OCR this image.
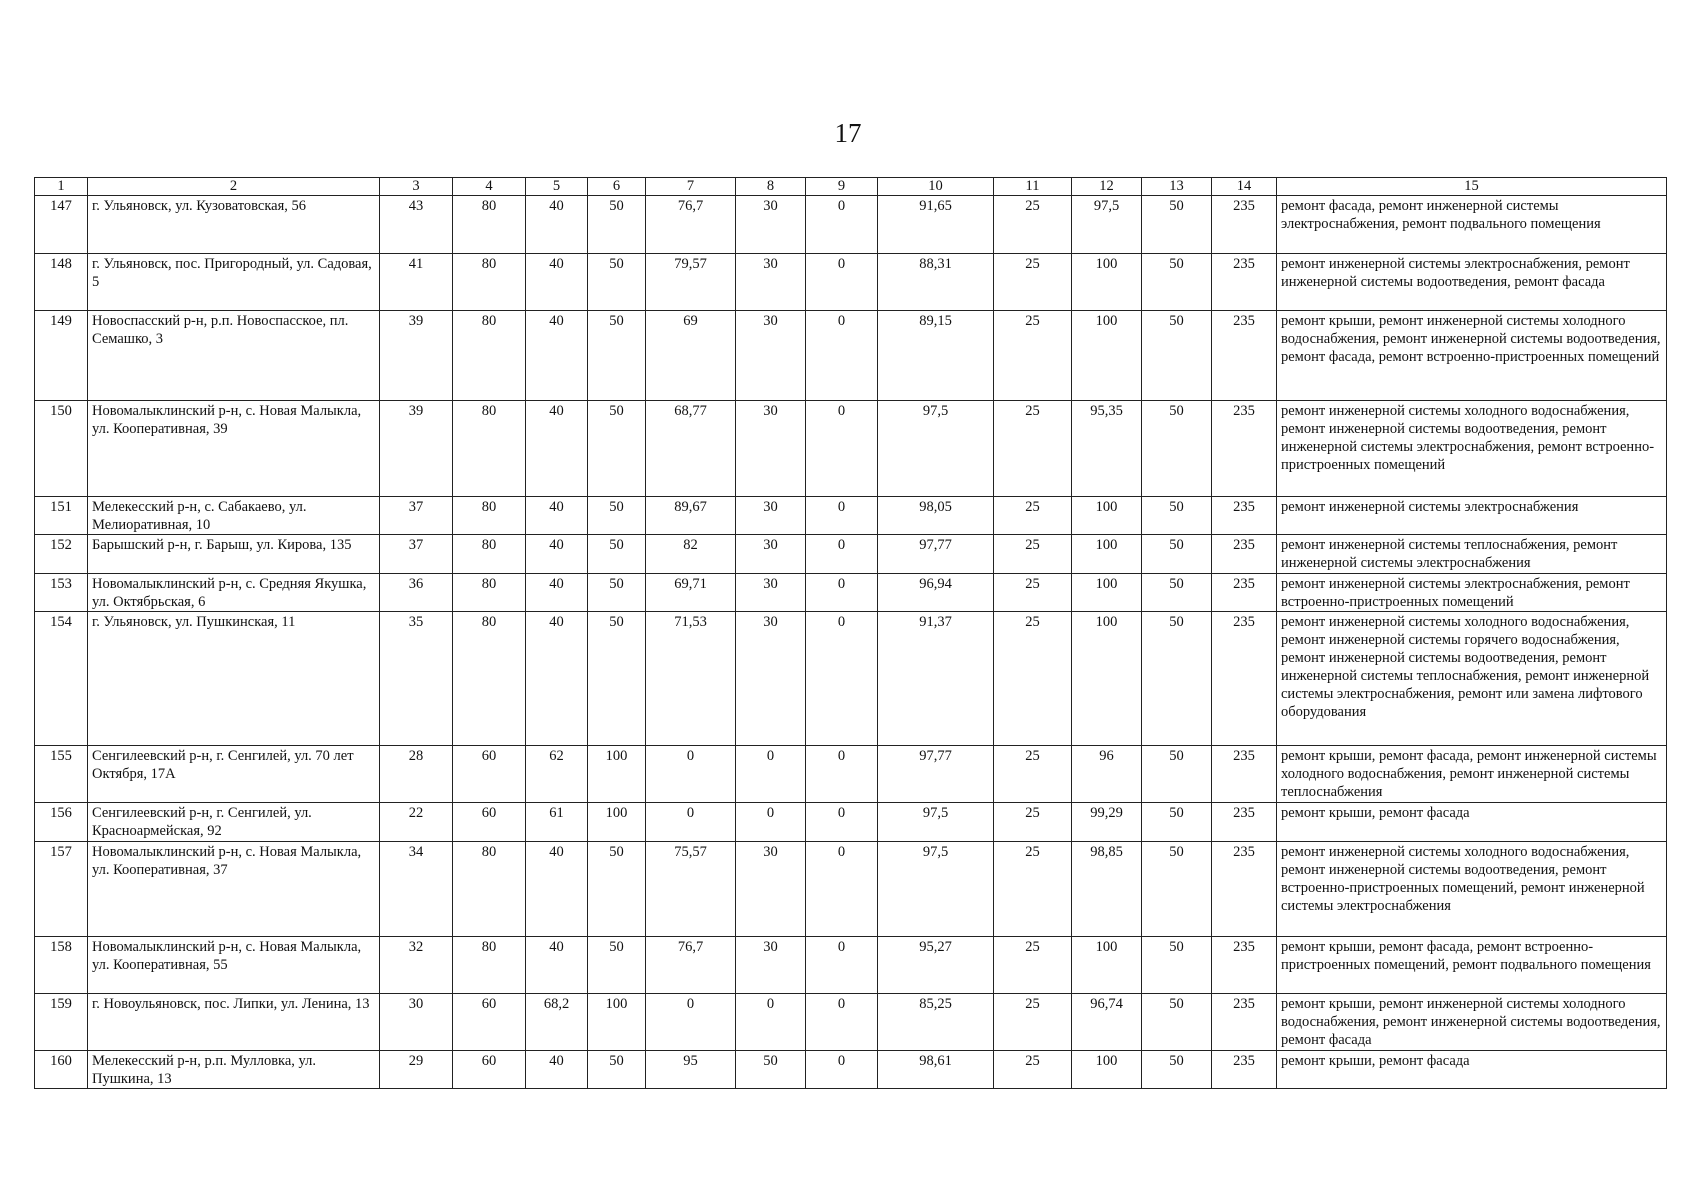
17
1	2	3	4	5	6	7	8	9	10	11	12	13	14	15
147	г. Ульяновск, ул. Кузоватовская, 56	43	80	40	50	76,7	30	0	91,65	25	97,5	50	235	ремонт фасада, ремонт инженерной системы электроснабжения, ремонт подвального помещения
148	г. Ульяновск, пос. Пригородный, ул. Садовая, 5	41	80	40	50	79,57	30	0	88,31	25	100	50	235	ремонт инженерной системы электроснабжения, ремонт инженерной системы водоотведения, ремонт фасада
149	Новоспасский р-н, р.п. Новоспасское, пл. Семашко, 3	39	80	40	50	69	30	0	89,15	25	100	50	235	ремонт крыши, ремонт инженерной системы холодного водоснабжения, ремонт инженерной системы водоотведения, ремонт фасада, ремонт встроенно-пристроенных помещений
150	Новомалыклинский р-н, с. Новая Малыкла, ул. Кооперативная, 39	39	80	40	50	68,77	30	0	97,5	25	95,35	50	235	ремонт инженерной системы холодного водоснабжения, ремонт инженерной системы водоотведения, ремонт инженерной системы электроснабжения, ремонт встроенно-пристроенных помещений
151	Мелекесский р-н, с. Сабакаево, ул. Мелиоративная, 10	37	80	40	50	89,67	30	0	98,05	25	100	50	235	ремонт инженерной системы электроснабжения
152	Барышский р-н, г. Барыш, ул. Кирова, 135	37	80	40	50	82	30	0	97,77	25	100	50	235	ремонт инженерной системы теплоснабжения, ремонт инженерной системы электроснабжения
153	Новомалыклинский р-н, с. Средняя Якушка, ул. Октябрьская, 6	36	80	40	50	69,71	30	0	96,94	25	100	50	235	ремонт инженерной системы электроснабжения, ремонт встроенно-пристроенных помещений
154	г. Ульяновск, ул. Пушкинская, 11	35	80	40	50	71,53	30	0	91,37	25	100	50	235	ремонт инженерной системы холодного водоснабжения, ремонт инженерной системы горячего водоснабжения, ремонт инженерной системы водоотведения, ремонт инженерной системы теплоснабжения, ремонт инженерной системы электроснабжения, ремонт или замена лифтового оборудования
155	Сенгилеевский р-н, г. Сенгилей, ул. 70 лет Октября, 17А	28	60	62	100	0	0	0	97,77	25	96	50	235	ремонт крыши, ремонт фасада, ремонт инженерной системы холодного водоснабжения, ремонт инженерной системы теплоснабжения
156	Сенгилеевский р-н, г. Сенгилей, ул. Красноармейская, 92	22	60	61	100	0	0	0	97,5	25	99,29	50	235	ремонт крыши, ремонт фасада
157	Новомалыклинский р-н, с. Новая Малыкла, ул. Кооперативная, 37	34	80	40	50	75,57	30	0	97,5	25	98,85	50	235	ремонт инженерной системы холодного водоснабжения, ремонт инженерной системы водоотведения, ремонт встроенно-пристроенных помещений, ремонт инженерной системы электроснабжения
158	Новомалыклинский р-н, с. Новая Малыкла, ул. Кооперативная, 55	32	80	40	50	76,7	30	0	95,27	25	100	50	235	ремонт крыши, ремонт фасада, ремонт встроенно-пристроенных помещений, ремонт подвального помещения
159	г. Новоульяновск, пос. Липки, ул. Ленина, 13	30	60	68,2	100	0	0	0	85,25	25	96,74	50	235	ремонт крыши, ремонт инженерной системы холодного водоснабжения, ремонт инженерной системы водоотведения, ремонт фасада
160	Мелекесский р-н, р.п. Мулловка, ул. Пушкина, 13	29	60	40	50	95	50	0	98,61	25	100	50	235	ремонт крыши, ремонт фасада
